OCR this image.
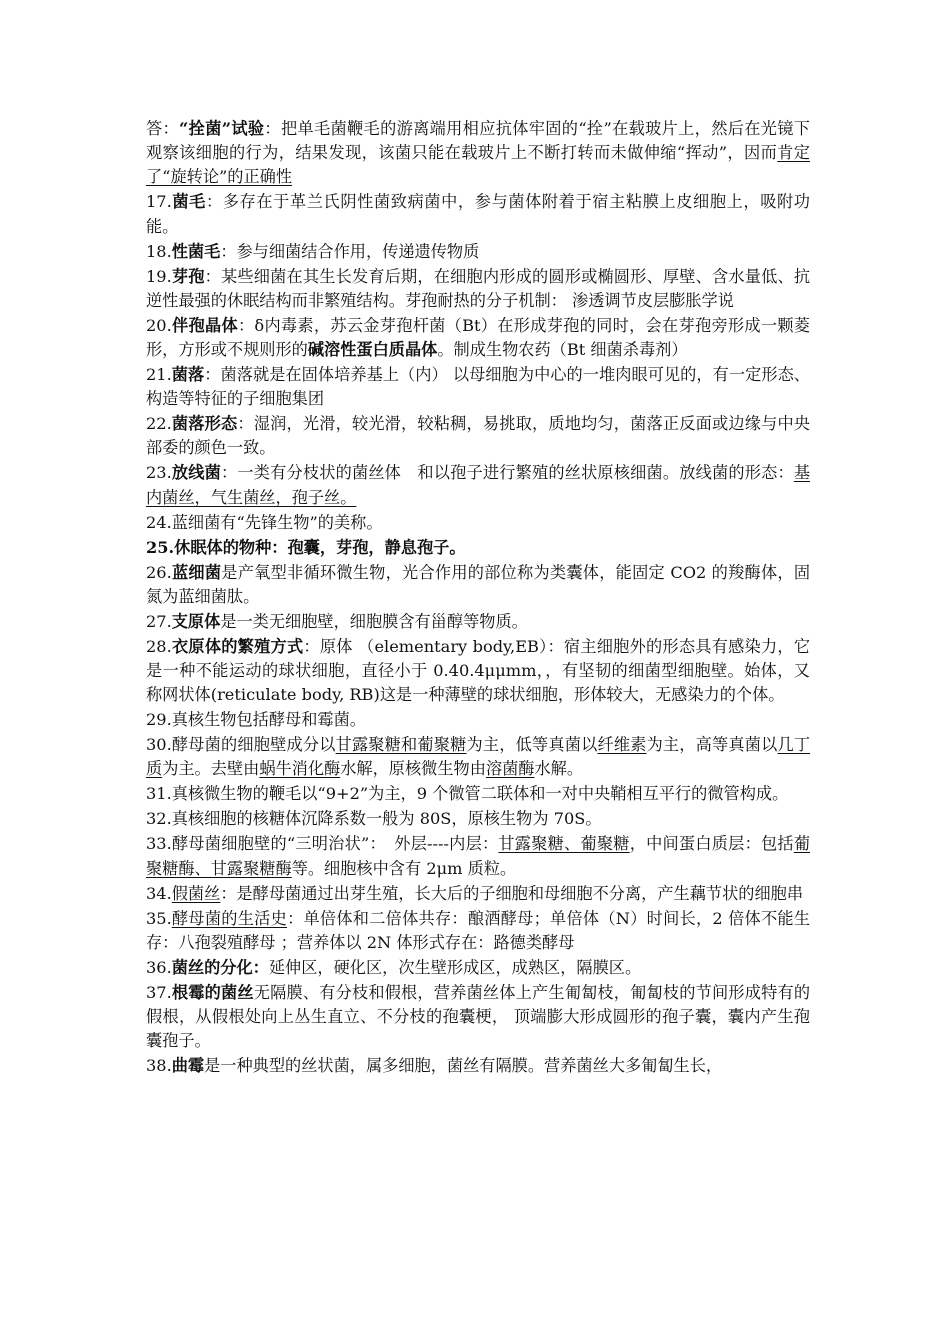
答：“拴菌”试验：把单毛菌鞭毛的游离端用相应抗体牢固的“拴”在载玻片上，然后在光镜下观察该细胞的行为，结果发现，该菌只能在载玻片上不断打转而未做伸缩“挥动”，因而肯定了“旋转论”的正确性

17.菌毛：多存在于革兰氏阴性菌致病菌中，参与菌体附着于宿主粘膜上皮细胞上，吸附功能。

18.性菌毛：参与细菌结合作用，传递遗传物质

19.芽孢：某些细菌在其生长发育后期，在细胞内形成的圆形或椭圆形、厚壁、含水量低、抗逆性最强的休眠结构而非繁殖结构。芽孢耐热的分子机制： 渗透调节皮层膨胀学说

20.伴孢晶体：δ内毒素，苏云金芽孢杆菌（Bt）在形成芽孢的同时，会在芽孢旁形成一颗菱形，方形或不规则形的碱溶性蛋白质晶体。制成生物农药（Bt 细菌杀毒剂）

21.菌落：菌落就是在固体培养基上（内） 以母细胞为中心的一堆肉眼可见的，有一定形态、构造等特征的子细胞集团

22.菌落形态：湿润，光滑，较光滑，较粘稠，易挑取，质地均匀，菌落正反面或边缘与中央部委的颜色一致。

23.放线菌：一类有分枝状的菌丝体　和以孢子进行繁殖的丝状原核细菌。放线菌的形态：基内菌丝，气生菌丝，孢子丝。

24.蓝细菌有“先锋生物”的美称。

25.休眠体的物种：孢囊，芽孢，静息孢子。

26.蓝细菌是产氧型非循环微生物，光合作用的部位称为类囊体，能固定 CO2 的羧酶体，固氮为蓝细菌肽。

27.支原体是一类无细胞壁，细胞膜含有甾醇等物质。

28.衣原体的繁殖方式：原体 （elementary body,EB）：宿主细胞外的形态具有感染力，它是一种不能运动的球状细胞，直径小于 0.40.4μμmm，，有坚韧的细菌型细胞壁。始体，又称网状体(reticulate body, RB)这是一种薄壁的球状细胞，形体较大，无感染力的个体。

29.真核生物包括酵母和霉菌。

30.酵母菌的细胞壁成分以甘露聚糖和葡聚糖为主，低等真菌以纤维素为主，高等真菌以几丁质为主。去壁由蜗牛消化酶水解，原核微生物由溶菌酶水解。

31.真核微生物的鞭毛以“9+2”为主，9 个微管二联体和一对中央鞘相互平行的微管构成。

32.真核细胞的核糖体沉降系数一般为 80S，原核生物为 70S。

33.酵母菌细胞壁的“三明治状”：　外层----内层：甘露聚糖、葡聚糖，中间蛋白质层：包括葡聚糖酶、甘露聚糖酶等。细胞核中含有 2μm 质粒。

34.假菌丝：是酵母菌通过出芽生殖，长大后的子细胞和母细胞不分离，产生藕节状的细胞串

35.酵母菌的生活史：单倍体和二倍体共存：酿酒酵母；单倍体（N）时间长，2 倍体不能生存：八孢裂殖酵母 ；营养体以 2N 体形式存在：路德类酵母

36.菌丝的分化：延伸区，硬化区，次生壁形成区，成熟区，隔膜区。

37.根霉的菌丝无隔膜、有分枝和假根，营养菌丝体上产生匍匐枝，匍匐枝的节间形成特有的假根，从假根处向上丛生直立、不分枝的孢囊梗， 顶端膨大形成圆形的孢子囊，囊内产生孢囊孢子。

38.曲霉是一种典型的丝状菌，属多细胞，菌丝有隔膜。营养菌丝大多匍匐生长，
